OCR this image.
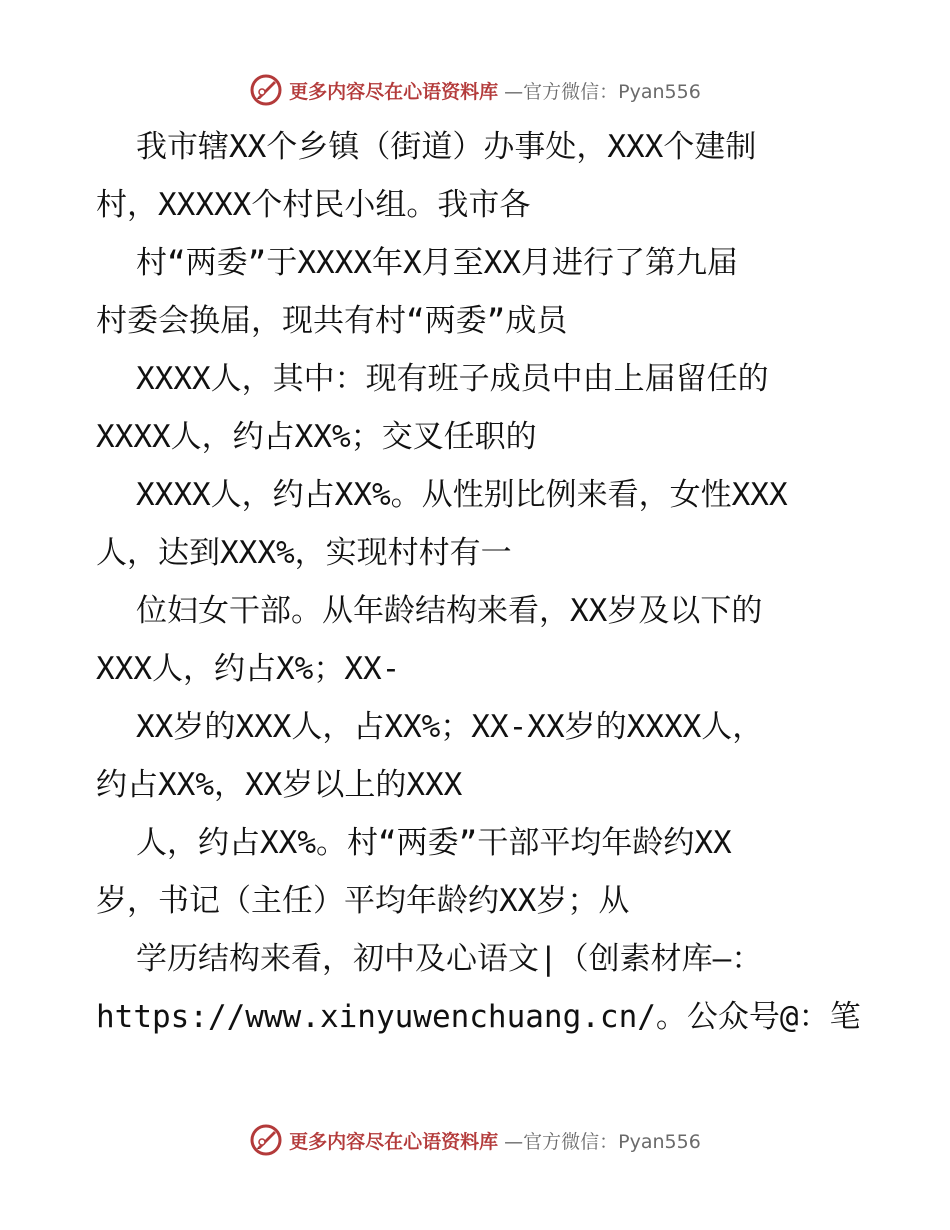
更多内容尽在心语资料库 —官方微信：Pyan556
我市辖XX个乡镇（街道）办事处，XXX个建制
村，XXXXX个村民小组。我市各
村“两委”于XXXX年X月至XX月进行了第九届
村委会换届，现共有村“两委”成员
XXXX人，其中：现有班子成员中由上届留任的
XXXX人，约占XX%；交叉任职的
XXXX人，约占XX%。从性别比例来看，女性XXX
人，达到XXX%，实现村村有一
位妇女干部。从年龄结构来看，XX岁及以下的
XXX人，约占X%；XX-
XX岁的XXX人，占XX%；XX-XX岁的XXXX人，
约占XX%，XX岁以上的XXX
人，约占XX%。村“两委”干部平均年龄约XX
岁，书记（主任）平均年龄约XX岁；从
学历结构来看，初中及心语文|（创素材库—：
https://www.xinyuwenchuang.cn/。公众号@：笔
更多内容尽在心语资料库 —官方微信：Pyan556
